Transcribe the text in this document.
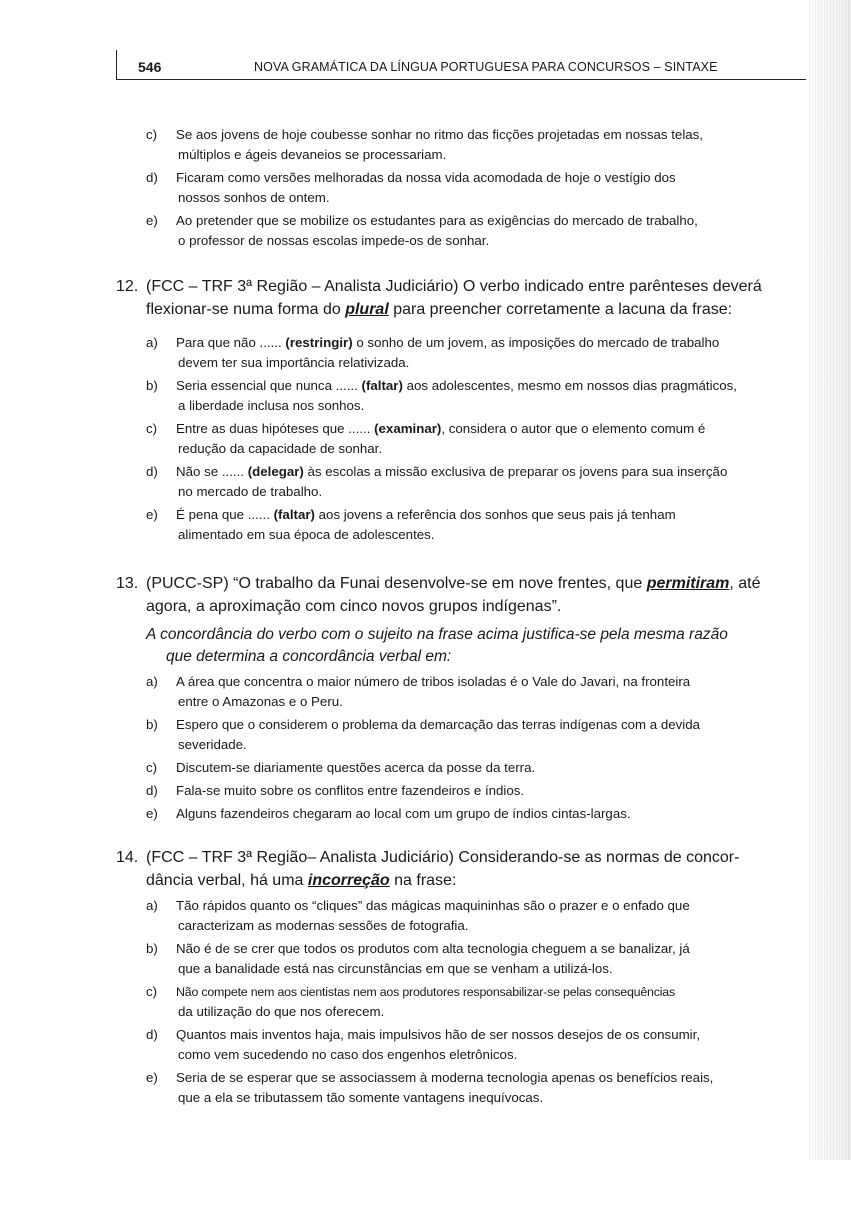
546	NOVA GRAMÁTICA DA LÍNGUA PORTUGUESA PARA CONCURSOS – SINTAXE
c)	Se aos jovens de hoje coubesse sonhar no ritmo das ficções projetadas em nossas telas,
múltiplos e ágeis devaneios se processariam.
d)	Ficaram como versões melhoradas da nossa vida acomodada de hoje o vestígio dos
nossos sonhos de ontem.
e)	Ao pretender que se mobilize os estudantes para as exigências do mercado de trabalho,
o professor de nossas escolas impede-os de sonhar.
12. (FCC – TRF 3ª Região – Analista Judiciário) O verbo indicado entre parênteses deverá
flexionar-se numa forma do plural para preencher corretamente a lacuna da frase:
a)	Para que não ...... (restringir) o sonho de um jovem, as imposições do mercado de trabalho
devem ter sua importância relativizada.
b)	Seria essencial que nunca ...... (faltar) aos adolescentes, mesmo em nossos dias pragmáticos,
a liberdade inclusa nos sonhos.
c)	Entre as duas hipóteses que ...... (examinar), considera o autor que o elemento comum é
redução da capacidade de sonhar.
d)	Não se ...... (delegar) às escolas a missão exclusiva de preparar os jovens para sua inserção
no mercado de trabalho.
e)	É pena que ...... (faltar) aos jovens a referência dos sonhos que seus pais já tenham
alimentado em sua época de adolescentes.
13. (PUCC-SP) “O trabalho da Funai desenvolve-se em nove frentes, que permitiram, até
agora, a aproximação com cinco novos grupos indígenas”.
A concordância do verbo com o sujeito na frase acima justifica-se pela mesma razão
que determina a concordância verbal em:
a)	A área que concentra o maior número de tribos isoladas é o Vale do Javari, na fronteira
entre o Amazonas e o Peru.
b)	Espero que o considerem o problema da demarcação das terras indígenas com a devida
severidade.
c)	Discutem-se diariamente questões acerca da posse da terra.
d)	Fala-se muito sobre os conflitos entre fazendeiros e índios.
e)	Alguns fazendeiros chegaram ao local com um grupo de índios cintas-largas.
14. (FCC – TRF 3ª Região– Analista Judiciário) Considerando-se as normas de concor-
dância verbal, há uma incorreção na frase:
a)	Tão rápidos quanto os “cliques” das mágicas maquininhas são o prazer e o enfado que
caracterizam as modernas sessões de fotografia.
b)	Não é de se crer que todos os produtos com alta tecnologia cheguem a se banalizar, já
que a banalidade está nas circunstâncias em que se venham a utilizá-los.
c)	Não compete nem aos cientistas nem aos produtores responsabilizar-se pelas consequências
da utilização do que nos oferecem.
d)	Quantos mais inventos haja, mais impulsivos hão de ser nossos desejos de os consumir,
como vem sucedendo no caso dos engenhos eletrônicos.
e)	Seria de se esperar que se associassem à moderna tecnologia apenas os benefícios reais,
que a ela se tributassem tão somente vantagens inequívocas.
